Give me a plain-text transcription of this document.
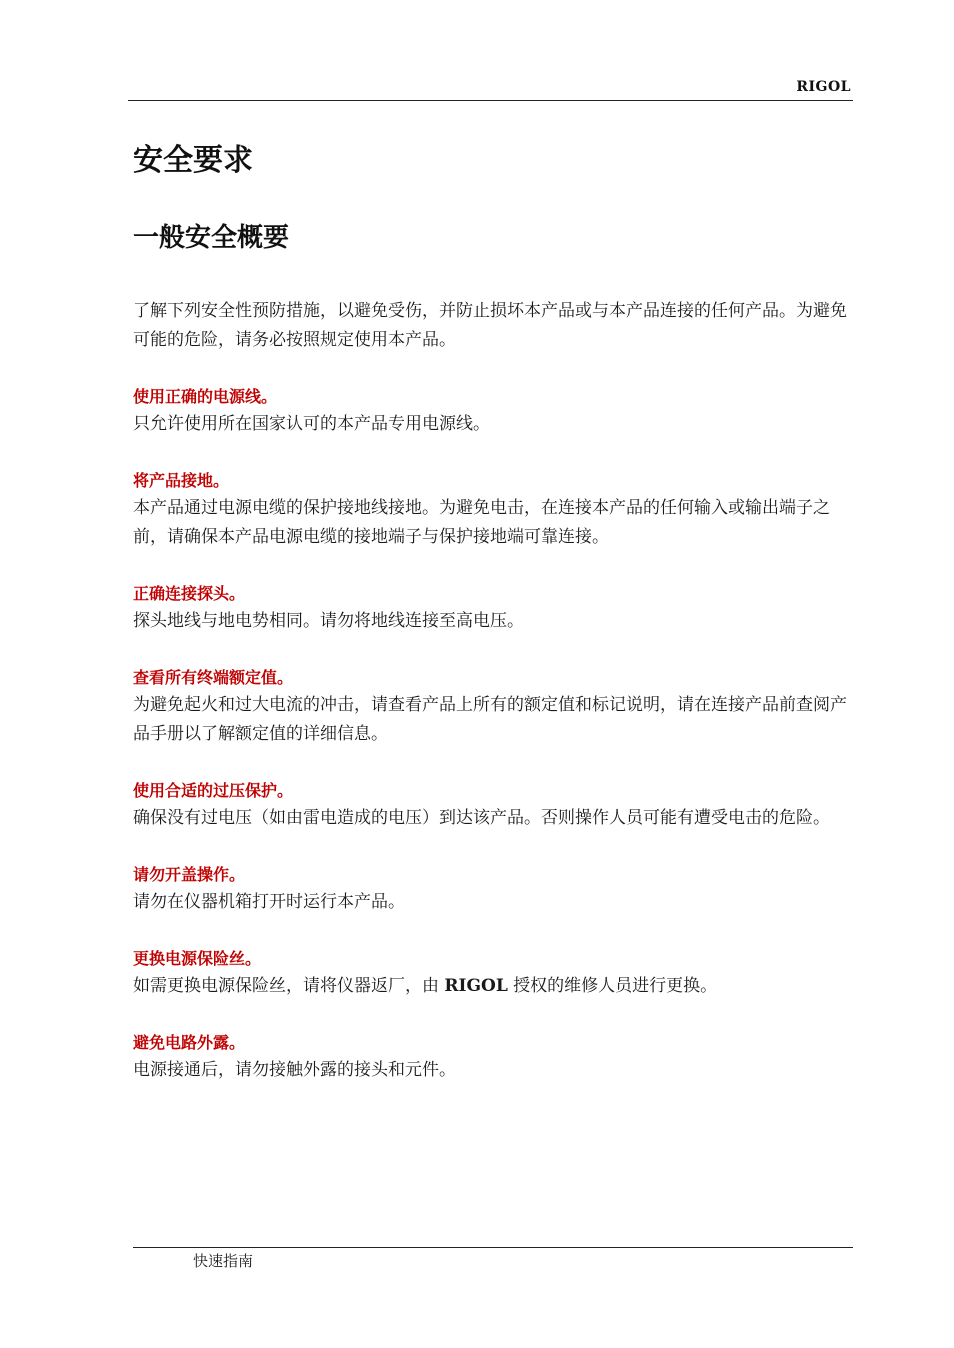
RIGOL
安全要求
一般安全概要

了解下列安全性预防措施，以避免受伤，并防止损坏本产品或与本产品连接的任何产品。为避免可能的危险，请务必按照规定使用本产品。

使用正确的电源线。

只允许使用所在国家认可的本产品专用电源线。

将产品接地。

本产品通过电源电缆的保护接地线接地。为避免电击，在连接本产品的任何输入或输出端子之前，请确保本产品电源电缆的接地端子与保护接地端可靠连接。

正确连接探头。

探头地线与地电势相同。请勿将地线连接至高电压。

查看所有终端额定值。

为避免起火和过大电流的冲击，请查看产品上所有的额定值和标记说明，请在连接产品前查阅产品手册以了解额定值的详细信息。

使用合适的过压保护。

确保没有过电压（如由雷电造成的电压）到达该产品。否则操作人员可能有遭受电击的危险。

请勿开盖操作。

请勿在仪器机箱打开时运行本产品。

更换电源保险丝。

如需更换电源保险丝，请将仪器返厂，由 RIGOL 授权的维修人员进行更换。

避免电路外露。

电源接通后，请勿接触外露的接头和元件。

快速指南
